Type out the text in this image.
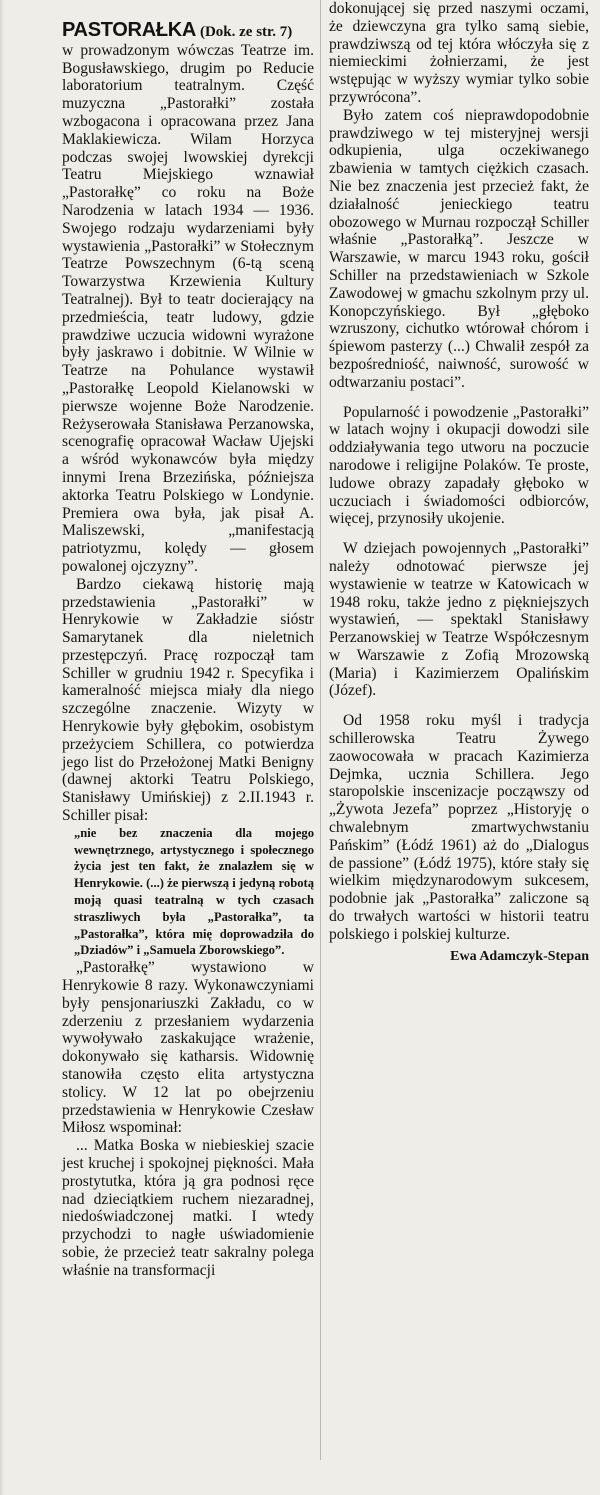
PASTORAŁKA (Dok. ze str. 7)

w prowadzonym wówczas Teatrze im. Bogusławskiego, drugim po Reducie laboratorium teatralnym. Część muzyczna „Pastorałki” została wzbogacona i opracowana przez Jana Maklakiewicza. Wilam Horzyca podczas swojej lwowskiej dyrekcji Teatru Miejskiego wznawiał „Pastorałkę” co roku na Boże Narodzenia w latach 1934 — 1936. Swojego rodzaju wydarzeniami były wystawienia „Pastorałki” w Stołecznym Teatrze Powszechnym (6-tą sceną Towarzystwa Krzewienia Kultury Teatralnej). Był to teatr docierający na przedmieścia, teatr ludowy, gdzie prawdziwe uczucia widowni wyrażone były jaskrawo i dobitnie. W Wilnie w Teatrze na Pohulance wystawił „Pastorałkę Leopold Kielanowski w pierwsze wojenne Boże Narodzenie. Reżyserowała Stanisława Perzanowska, scenografię opracował Wacław Ujejski a wśród wykonawców była między innymi Irena Brzezińska, późniejsza aktorka Teatru Polskiego w Londynie. Premiera owa była, jak pisał A. Maliszewski, „manifestacją patriotyzmu, kolędy — głosem powalonej ojczyzny”.

Bardzo ciekawą historię mają przedstawienia „Pastorałki” w Henrykowie w Zakładzie sióstr Samarytanek dla nieletnich przestępczyń. Pracę rozpoczął tam Schiller w grudniu 1942 r. Specyfika i kameralność miejsca miały dla niego szczególne znaczenie. Wizyty w Henrykowie były głębokim, osobistym przeżyciem Schillera, co potwierdza jego list do Przełożonej Matki Benigny (dawnej aktorki Teatru Polskiego, Stanisławy Umińskiej) z 2.II.1943 r. Schiller pisał:

„nie bez znaczenia dla mojego wewnętrznego, artystycznego i społecznego życia jest ten fakt, że znalazłem się w Henrykowie. (...) że pierwszą i jedyną robotą moją quasi teatralną w tych czasach straszliwych była „Pastorałka”, ta „Pastorałka”, która mię doprowadziła do „Dziadów” i „Samuela Zborowskiego”.

„Pastorałkę” wystawiono w Henrykowie 8 razy. Wykonawczyniami były pensjonariuszki Zakładu, co w zderzeniu z przesłaniem wydarzenia wywoływało zaskakujące wrażenie, dokonywało się katharsis. Widownię stanowiła często elita artystyczna stolicy. W 12 lat po obejrzeniu przedstawienia w Henrykowie Czesław Miłosz wspominał:

... Matka Boska w niebieskiej szacie jest kruchej i spokojnej piękności. Mała prostytutka, która ją gra podnosi ręce nad dzieciątkiem ruchem niezaradnej, niedoświadczonej matki. I wtedy przychodzi to nagłe uświadomienie sobie, że przecież teatr sakralny polega właśnie na transformacji

dokonującej się przed naszymi oczami, że dziewczyna gra tylko samą siebie, prawdziwszą od tej która włóczyła się z niemieckimi żołnierzami, że jest wstępując w wyższy wymiar tylko sobie przywrócona”.

Było zatem coś nieprawdopodobnie prawdziwego w tej misteryjnej wersji odkupienia, ulga oczekiwanego zbawienia w tamtych ciężkich czasach. Nie bez znaczenia jest przecież fakt, że działalność jenieckiego teatru obozowego w Murnau rozpoczął Schiller właśnie „Pastorałką”. Jeszcze w Warszawie, w marcu 1943 roku, gościł Schiller na przedstawieniach w Szkole Zawodowej w gmachu szkolnym przy ul. Konopczyńskiego. Był „głęboko wzruszony, cichutko wtórował chórom i śpiewom pasterzy (...) Chwalił zespół za bezpośredniość, naiwność, surowość w odtwarzaniu postaci”.

Popularność i powodzenie „Pastorałki” w latach wojny i okupacji dowodzi sile oddziaływania tego utworu na poczucie narodowe i religijne Polaków. Te proste, ludowe obrazy zapadały głęboko w uczuciach i świadomości odbiorców, więcej, przynosiły ukojenie.

W dziejach powojennych „Pastorałki” należy odnotować pierwsze jej wystawienie w teatrze w Katowicach w 1948 roku, także jedno z piękniejszych wystawień, — spektakl Stanisławy Perzanowskiej w Teatrze Współczesnym w Warszawie z Zofią Mrozowską (Maria) i Kazimierzem Opalińskim (Józef).

Od 1958 roku myśl i tradycja schillerowska Teatru Żywego zaowocowała w pracach Kazimierza Dejmka, ucznia Schillera. Jego staropolskie inscenizacje począwszy od „Żywota Jezefa” poprzez „Historyję o chwalebnym zmartwychwstaniu Pańskim” (Łódź 1961) aż do „Dialogus de passione” (Łódź 1975), które stały się wielkim międzynarodowym sukcesem, podobnie jak „Pastorałka” zaliczone są do trwałych wartości w historii teatru polskiego i polskiej kulturze.

Ewa Adamczyk-Stepan
